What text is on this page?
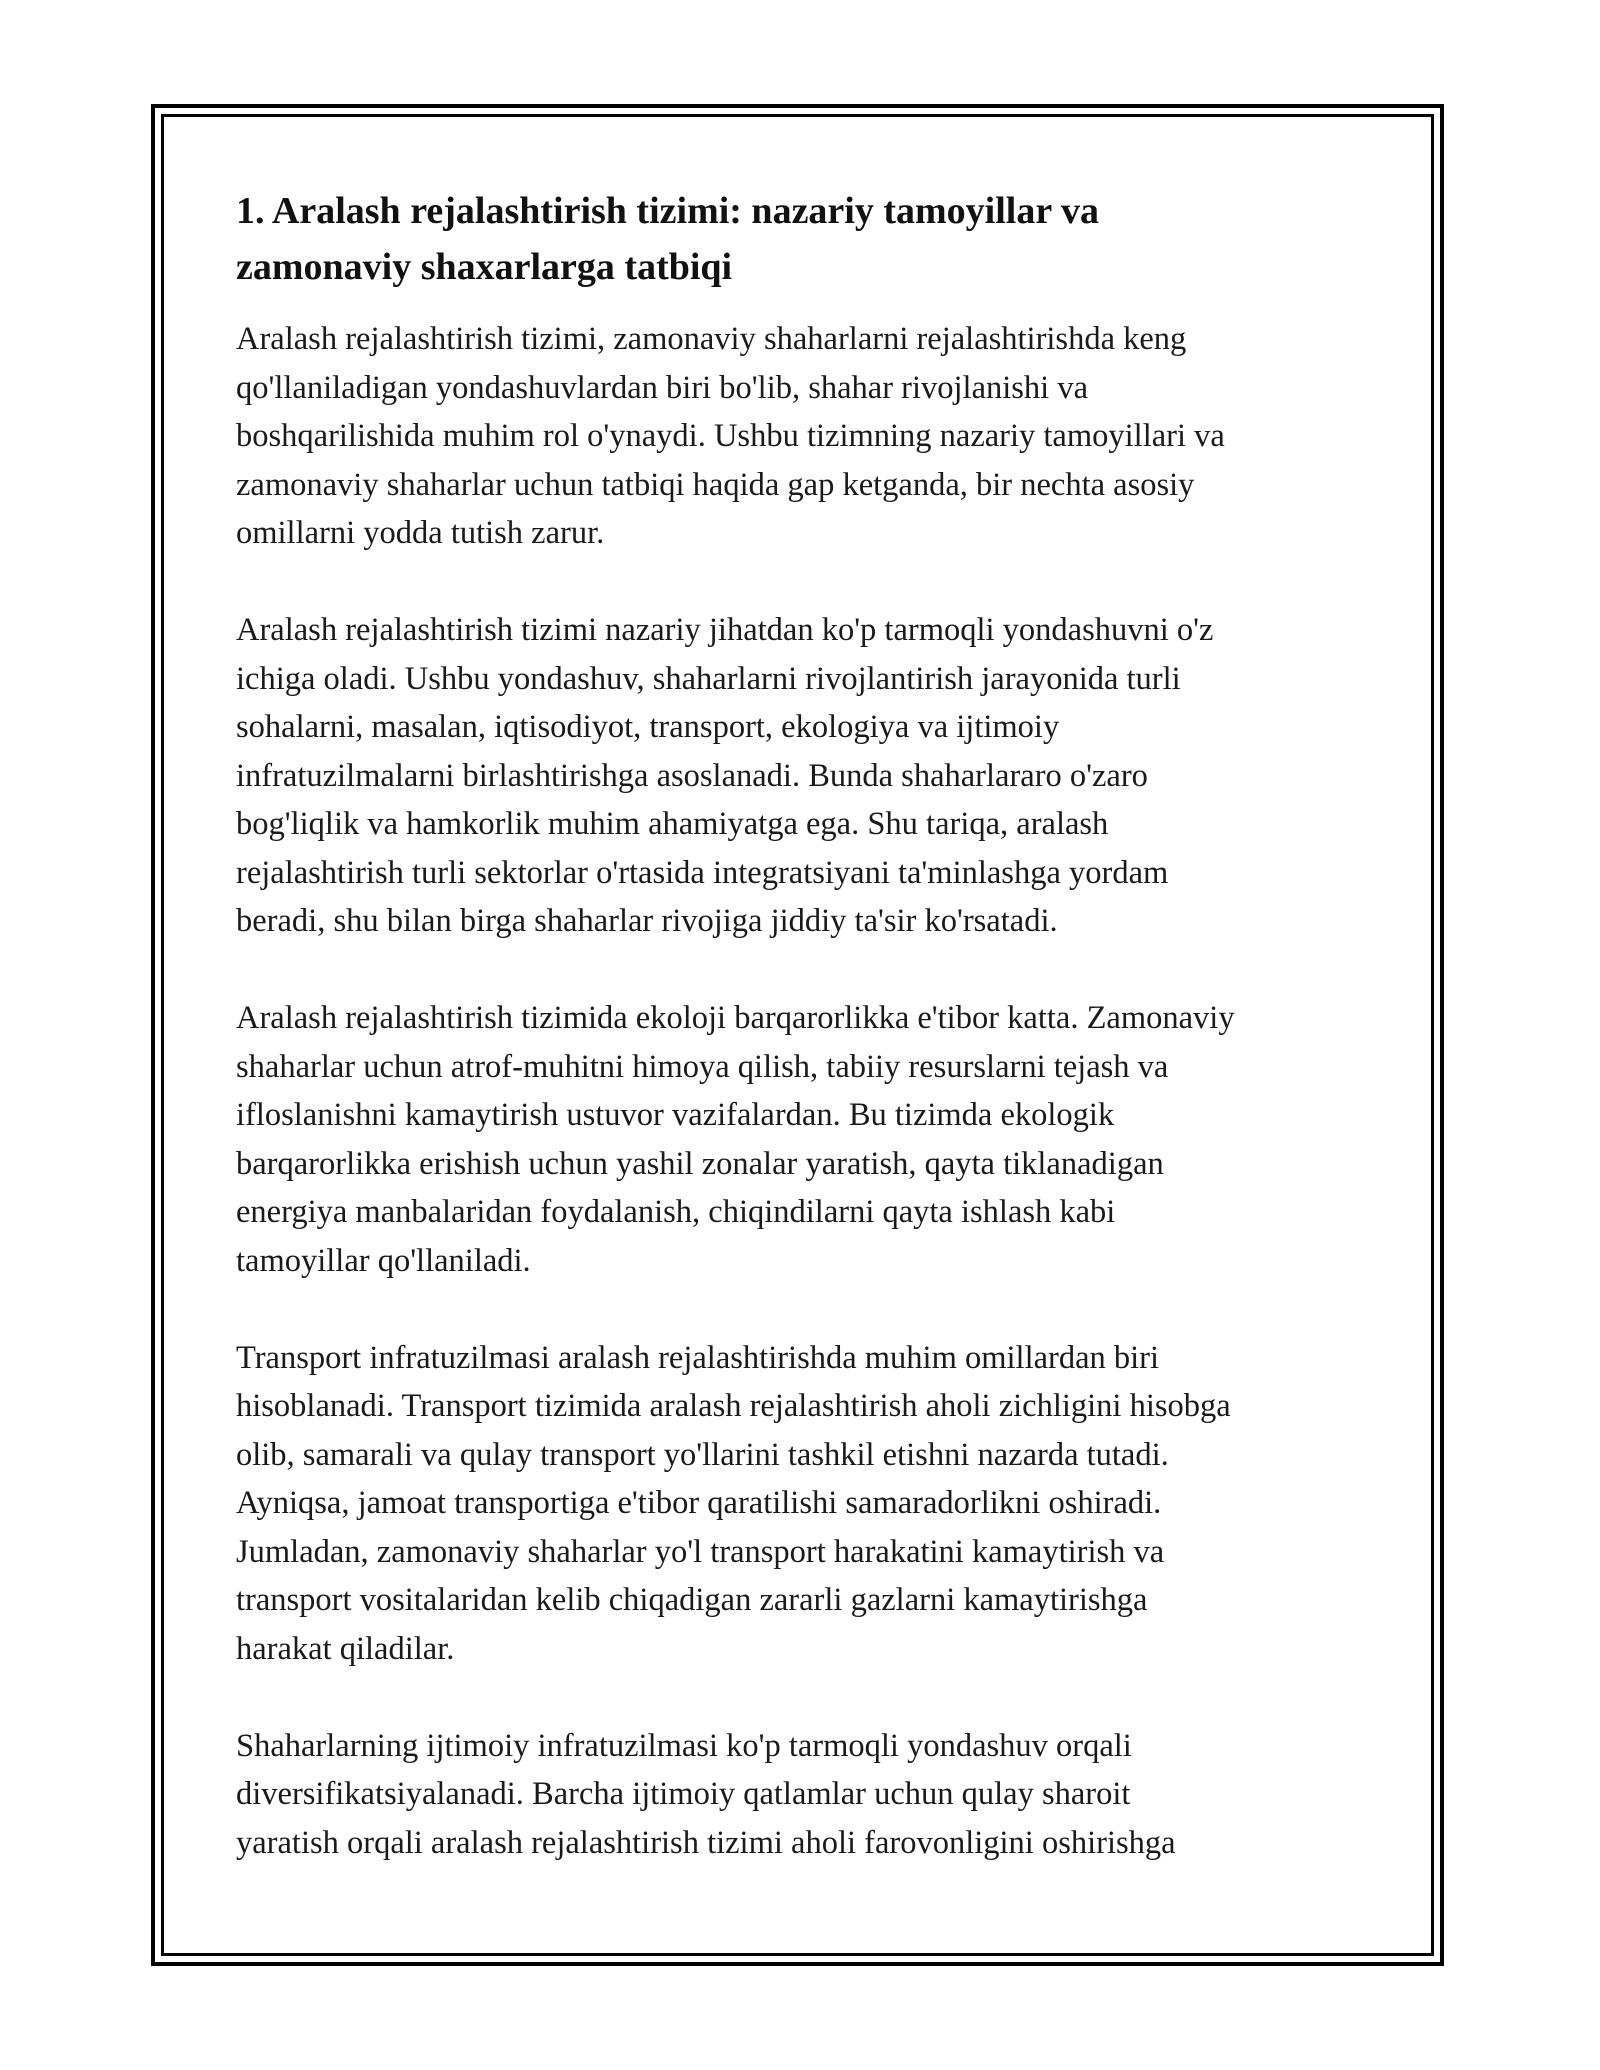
1. Aralash rejalashtirish tizimi: nazariy tamoyillar va
zamonaviy shaxarlarga tatbiqi
Aralash rejalashtirish tizimi, zamonaviy shaharlarni rejalashtirishda keng
qo'llaniladigan yondashuvlardan biri bo'lib, shahar rivojlanishi va
boshqarilishida muhim rol o'ynaydi. Ushbu tizimning nazariy tamoyillari va
zamonaviy shaharlar uchun tatbiqi haqida gap ketganda, bir nechta asosiy
omillarni yodda tutish zarur.
Aralash rejalashtirish tizimi nazariy jihatdan ko'p tarmoqli yondashuvni o'z
ichiga oladi. Ushbu yondashuv, shaharlarni rivojlantirish jarayonida turli
sohalarni, masalan, iqtisodiyot, transport, ekologiya va ijtimoiy
infratuzilmalarni birlashtirishga asoslanadi. Bunda shaharlararo o'zaro
bog'liqlik va hamkorlik muhim ahamiyatga ega. Shu tariqa, aralash
rejalashtirish turli sektorlar o'rtasida integratsiyani ta'minlashga yordam
beradi, shu bilan birga shaharlar rivojiga jiddiy ta'sir ko'rsatadi.
Aralash rejalashtirish tizimida ekoloji barqarorlikka e'tibor katta. Zamonaviy
shaharlar uchun atrof-muhitni himoya qilish, tabiiy resurslarni tejash va
ifloslanishni kamaytirish ustuvor vazifalardan. Bu tizimda ekologik
barqarorlikka erishish uchun yashil zonalar yaratish, qayta tiklanadigan
energiya manbalaridan foydalanish, chiqindilarni qayta ishlash kabi
tamoyillar qo'llaniladi.
Transport infratuzilmasi aralash rejalashtirishda muhim omillardan biri
hisoblanadi. Transport tizimida aralash rejalashtirish aholi zichligini hisobga
olib, samarali va qulay transport yo'llarini tashkil etishni nazarda tutadi.
Ayniqsa, jamoat transportiga e'tibor qaratilishi samaradorlikni oshiradi.
Jumladan, zamonaviy shaharlar yo'l transport harakatini kamaytirish va
transport vositalaridan kelib chiqadigan zararli gazlarni kamaytirishga
harakat qiladilar.
Shaharlarning ijtimoiy infratuzilmasi ko'p tarmoqli yondashuv orqali
diversifikatsiyalanadi. Barcha ijtimoiy qatlamlar uchun qulay sharoit
yaratish orqali aralash rejalashtirish tizimi aholi farovonligini oshirishga
